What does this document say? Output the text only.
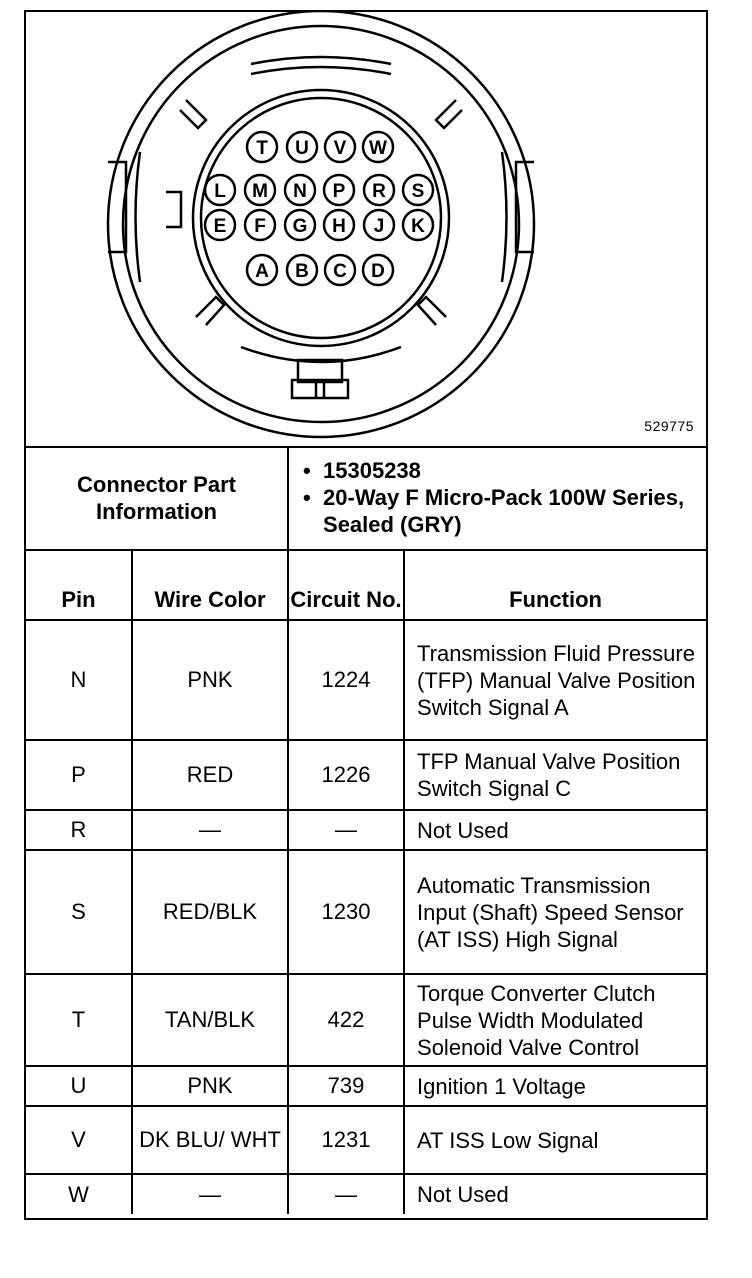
T U V W
L M N P R S
E F G H J K
A B C D
529775
Connector Part Information		• 15305238
• 20-Way F Micro-Pack 100W Series, Sealed (GRY)

Pin	Wire Color	Circuit No.	Function
N	PNK	1224	Transmission Fluid Pressure (TFP) Manual Valve Position Switch Signal A
P	RED	1226	TFP Manual Valve Position Switch Signal C
R	—	—	Not Used
S	RED/BLK	1230	Automatic Transmission Input (Shaft) Speed Sensor (AT ISS) High Signal
T	TAN/BLK	422	Torque Converter Clutch Pulse Width Modulated Solenoid Valve Control
U	PNK	739	Ignition 1 Voltage
V	DK BLU/ WHT	1231	AT ISS Low Signal
W	—	—	Not Used
